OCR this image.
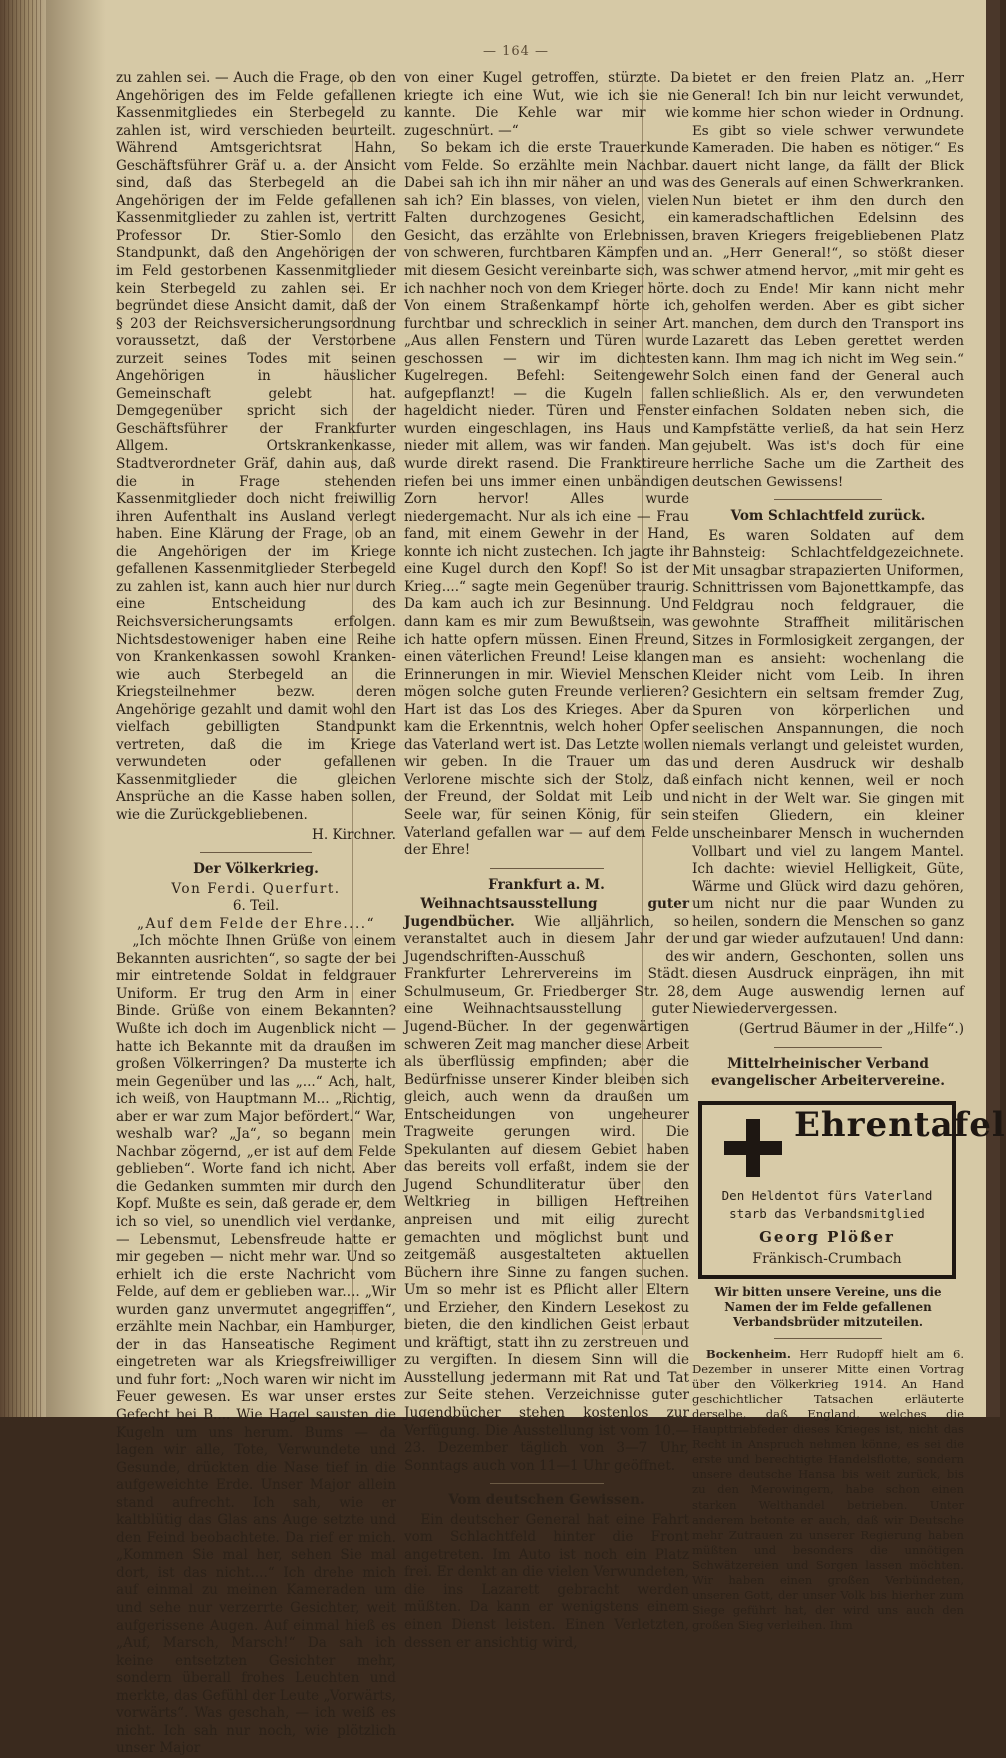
— 164 —

zu zahlen sei. — Auch die Frage, ob den Angehörigen des im Felde gefallenen Kassenmitgliedes ein Sterbegeld zu zahlen ist, wird verschieden beurteilt. Während Amtsgerichtsrat Hahn, Geschäftsführer Gräf u. a. der Ansicht sind, daß das Sterbegeld an die Angehörigen der im Felde gefallenen Kassenmitglieder zu zahlen ist, vertritt Professor Dr. Stier-Somlo den Standpunkt, daß den Angehörigen der im Feld gestorbenen Kassenmitglieder kein Sterbegeld zu zahlen sei. Er begründet diese Ansicht damit, daß der § 203 der Reichsversicherungsordnung voraussetzt, daß der Verstorbene zurzeit seines Todes mit seinen Angehörigen in häuslicher Gemeinschaft gelebt hat. Demgegenüber spricht sich der Geschäftsführer der Frankfurter Allgem. Ortskrankenkasse, Stadtverordneter Gräf, dahin aus, daß die in Frage stehenden Kassenmitglieder doch nicht freiwillig ihren Aufenthalt ins Ausland verlegt haben. Eine Klärung der Frage, ob an die Angehörigen der im Kriege gefallenen Kassenmitglieder Sterbegeld zu zahlen ist, kann auch hier nur durch eine Entscheidung des Reichsversicherungsamts erfolgen. Nichtsdestoweniger haben eine Reihe von Krankenkassen sowohl Kranken- wie auch Sterbegeld an die Kriegsteilnehmer bezw. deren Angehörige gezahlt und damit wohl den vielfach gebilligten Standpunkt vertreten, daß die im Kriege verwundeten oder gefallenen Kassenmitglieder die gleichen Ansprüche an die Kasse haben sollen, wie die Zurückgebliebenen.

H. Kirchner.

Der Völkerkrieg.

Von Ferdi. Querfurt.

6. Teil.

„Auf dem Felde der Ehre....“

„Ich möchte Ihnen Grüße von einem Bekannten ausrichten“, so sagte der bei mir eintretende Soldat in feldgrauer Uniform. Er trug den Arm in einer Binde. Grüße von einem Bekannten? Wußte ich doch im Augenblick nicht — hatte ich Bekannte mit da draußen im großen Völkerringen? Da musterte ich mein Gegenüber und las „...“ Ach, halt, ich weiß, von Hauptmann M... „Richtig, aber er war zum Major befördert.“ War, weshalb war? „Ja“, so begann mein Nachbar zögernd, „er ist auf dem Felde geblieben“. Worte fand ich nicht. Aber die Gedanken summten mir durch den Kopf. Mußte es sein, daß gerade er, dem ich so viel, so unendlich viel verdanke, — Lebensmut, Lebensfreude hatte er mir gegeben — nicht mehr war. Und so erhielt ich die erste Nachricht vom Felde, auf dem er geblieben war.... „Wir wurden ganz unvermutet angegriffen“, erzählte mein Nachbar, ein Hamburger, der in das Hanseatische Regiment eingetreten war als Kriegsfreiwilliger und fuhr fort: „Noch waren wir nicht im Feuer gewesen. Es war unser erstes Gefecht bei B.... Wie Hagel sausten die Kugeln um uns herum. Bums — da lagen wir alle, Tote, Verwundete und Gesunde, drückten die Nase tief in die aufgeweichte Erde. Unser Major allein stand aufrecht. Ich sah, wie er kaltblütig das Glas ans Auge setzte und den Feind beobachtete. Da rief er mich. „Kommen Sie mal her, sehen Sie mal dort, ist das nicht....“ Ich drehe mich auf einmal zu meinen Kameraden um und sehe nur verzerrte Gesichter, weit aufgerissene Augen. Auf einmal hieß es „Auf, Marsch, Marsch!“ Da sah ich keine entsetzten Gesichter mehr, sondern überall frohes Leuchten und merkte, das Gefühl der Leute „Vorwärts, vorwärts“. Was geschah, — ich weiß es nicht. Ich sah nur noch, wie plötzlich unser Major

von einer Kugel getroffen, stürzte. Da kriegte ich eine Wut, wie ich sie nie kannte. Die Kehle war mir wie zugeschnürt. —“

So bekam ich die erste Trauerkunde vom Felde. So erzählte mein Nachbar. Dabei sah ich ihn mir näher an und was sah ich? Ein blasses, von vielen, vielen Falten durchzogenes Gesicht, ein Gesicht, das erzählte von Erlebnissen, von schweren, furchtbaren Kämpfen und mit diesem Gesicht vereinbarte sich, was ich nachher noch von dem Krieger hörte. Von einem Straßenkampf hörte ich, furchtbar und schrecklich in seiner Art. „Aus allen Fenstern und Türen wurde geschossen — wir im dichtesten Kugelregen. Befehl: Seitengewehr aufgepflanzt! — die Kugeln fallen hageldicht nieder. Türen und Fenster wurden eingeschlagen, ins Haus und nieder mit allem, was wir fanden. Man wurde direkt rasend. Die Franktireure riefen bei uns immer einen unbändigen Zorn hervor! Alles wurde niedergemacht. Nur als ich eine — Frau fand, mit einem Gewehr in der Hand, konnte ich nicht zustechen. Ich jagte ihr eine Kugel durch den Kopf! So ist der Krieg....“ sagte mein Gegenüber traurig. Da kam auch ich zur Besinnung. Und dann kam es mir zum Bewußtsein, was ich hatte opfern müssen. Einen Freund, einen väterlichen Freund! Leise klangen Erinnerungen in mir. Wieviel Menschen mögen solche guten Freunde verlieren? Hart ist das Los des Krieges. Aber da kam die Erkenntnis, welch hoher Opfer das Vaterland wert ist. Das Letzte wollen wir geben. In die Trauer um das Verlorene mischte sich der Stolz, daß der Freund, der Soldat mit Leib und Seele war, für seinen König, für sein Vaterland gefallen war — auf dem Felde der Ehre!

Frankfurt a. M.

Weihnachtsausstellung guter Jugendbücher. Wie alljährlich, so veranstaltet auch in diesem Jahr der Jugendschriften-Ausschuß des Frankfurter Lehrervereins im Städt. Schulmuseum, Gr. Friedberger Str. 28, eine Weihnachtsausstellung guter Jugend-Bücher. In der gegenwärtigen schweren Zeit mag mancher diese Arbeit als überflüssig empfinden; aber die Bedürfnisse unserer Kinder bleiben sich gleich, auch wenn da draußen um Entscheidungen von ungeheurer Tragweite gerungen wird. Die Spekulanten auf diesem Gebiet haben das bereits voll erfaßt, indem sie der Jugend Schundliteratur über den Weltkrieg in billigen Heftreihen anpreisen und mit eilig zurecht gemachten und möglichst bunt und zeitgemäß ausgestalteten aktuellen Büchern ihre Sinne zu fangen suchen. Um so mehr ist es Pflicht aller Eltern und Erzieher, den Kindern Lesekost zu bieten, die den kindlichen Geist erbaut und kräftigt, statt ihn zu zerstreuen und zu vergiften. In diesem Sinn will die Ausstellung jedermann mit Rat und Tat zur Seite stehen. Verzeichnisse guter Jugendbücher stehen kostenlos zur Verfügung. Die Ausstellung ist vom 10.—23. Dezember täglich von 3—7 Uhr, Sonntags auch von 11—1 Uhr geöffnet.

Vom deutschen Gewissen.

Ein deutscher General hat eine Fahrt vom Schlachtfeld hinter die Front angetreten. Im Auto ist noch ein Platz frei. Er denkt an die vielen Verwundeten, die ins Lazarett gebracht werden müßten. Da kann er wenigstens einem einen Dienst leisten. Einen Verletzten, dessen er ansichtig wird,

bietet er den freien Platz an. „Herr General! Ich bin nur leicht verwundet, komme hier schon wieder in Ordnung. Es gibt so viele schwer verwundete Kameraden. Die haben es nötiger.“ Es dauert nicht lange, da fällt der Blick des Generals auf einen Schwerkranken. Nun bietet er ihm den durch den kameradschaftlichen Edelsinn des braven Kriegers freigebliebenen Platz an. „Herr General!“, so stößt dieser schwer atmend hervor, „mit mir geht es doch zu Ende! Mir kann nicht mehr geholfen werden. Aber es gibt sicher manchen, dem durch den Transport ins Lazarett das Leben gerettet werden kann. Ihm mag ich nicht im Weg sein.“ Solch einen fand der General auch schließlich. Als er, den verwundeten einfachen Soldaten neben sich, die Kampfstätte verließ, da hat sein Herz gejubelt. Was ist's doch für eine herrliche Sache um die Zartheit des deutschen Gewissens!

Vom Schlachtfeld zurück.

Es waren Soldaten auf dem Bahnsteig: Schlachtfeldgezeichnete. Mit unsagbar strapazierten Uniformen, Schnittrissen vom Bajonettkampfe, das Feldgrau noch feldgrauer, die gewohnte Straffheit militärischen Sitzes in Formlosigkeit zergangen, der man es ansieht: wochenlang die Kleider nicht vom Leib. In ihren Gesichtern ein seltsam fremder Zug, Spuren von körperlichen und seelischen Anspannungen, die noch niemals verlangt und geleistet wurden, und deren Ausdruck wir deshalb einfach nicht kennen, weil er noch nicht in der Welt war. Sie gingen mit steifen Gliedern, ein kleiner unscheinbarer Mensch in wuchernden Vollbart und viel zu langem Mantel. Ich dachte: wieviel Helligkeit, Güte, Wärme und Glück wird dazu gehören, um nicht nur die paar Wunden zu heilen, sondern die Menschen so ganz und gar wieder aufzutauen! Und dann: wir andern, Geschonten, sollen uns diesen Ausdruck einprägen, ihn mit dem Auge auswendig lernen auf Niewiedervergessen.

(Gertrud Bäumer in der „Hilfe“.)

Mittelrheinischer Verband evangelischer Arbeitervereine.

Ehrentafel
Den Heldentot fürs Vaterland
starb das Verbandsmitglied
Georg Plößer
Fränkisch-Crumbach

Wir bitten unsere Vereine, uns die Namen der im Felde gefallenen Verbandsbrüder mitzuteilen.

Bockenheim. Herr Rudopff hielt am 6. Dezember in unserer Mitte einen Vortrag über den Völkerkrieg 1914. An Hand geschichtlicher Tatsachen erläuterte derselbe, daß England, welches die Haupttriebfeder dieses Krieges ist, nicht das Recht in Anspruch nehmen könne, es sei die erste und berechtigte Handelsflotte, sondern unsere deutsche Hansa bis weit zurück, bis zu den Merowingern, habe schon einen starken Welthandel betrieben. Unter anderem betonte er auch, daß wir Deutsche mehr Zutrauen zu unserer Regierung haben müßten und besonders die unnötigen Schwätzereien und Sorgen lassen möchten. Wir haben einen großen Verbündeten, unseren Gott, der unser Volk bis hierher zum Siege geführt hat, der wird uns auch den großen Sieg verleihen. Ihm
